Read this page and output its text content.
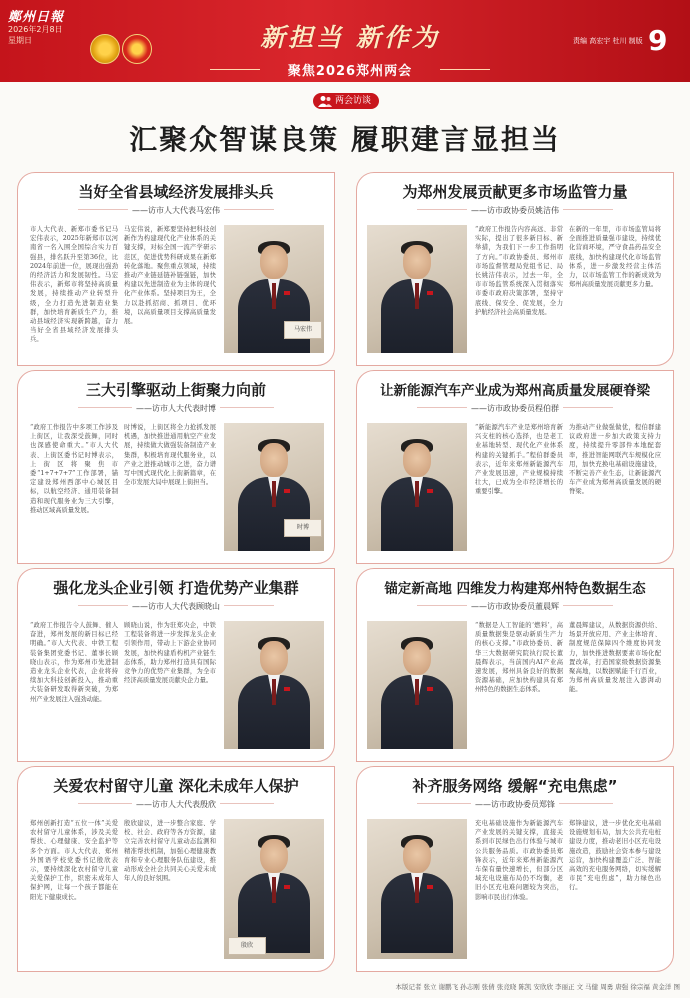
鄭州日報
2026年2月8日
星期日	新担当 新作为
聚焦2026郑州两会
责编 高宏宇 杜川 制版 9
两会访谈
汇聚众智谋良策 履职建言显担当
当好全省县域经济发展排头兵
——访市人大代表马宏伟
市人大代表、新郑市委书记马宏伟表示，2025年新郑市以河南省一名入围全国综合实力百强县，排名跃升至第36位，比2024年前进一位，展现出强劲的经济活力和发展韧性。马宏伟表示，新郑市将坚持高质量发展，持续推动产业转型升级，全力打造先进制造业集群，加快培育新质生产力，推动县域经济实现新跨越，奋力当好全省县域经济发展排头兵。
马宏伟说，新郑要坚持把科技创新作为构建现代化产业体系的关键支撑，对标全国一流产学研示范区，促进优势科研成果在新郑转化落地。聚焦重点领域，持续推动产业链延链补链强链，加快构建以先进制造业为主体的现代化产业体系。坚持项目为王，全力以赴抓招商、抓项目、优环境，以高质量项目支撑高质量发展。
马宏伟
为郑州发展贡献更多市场监管力量
——访市政协委员姚洁伟
“政府工作报告内容高远、非常实际，提出了很多新目标、新举措，为我们下一步工作指明了方向。”市政协委员、郑州市市场监督管理局党组书记、局长姚洁伟表示，过去一年，全市市场监管系统深入贯彻落实市委市政府决策部署，坚持守底线、保安全、促发展，全力护航经济社会高质量发展。
在新的一年里，市市场监管局将全面推进质量强市建设，持续优化营商环境，严守食品药品安全底线，加快构建现代化市场监管体系，进一步激发经营主体活力，以市场监管工作的新成效为郑州高质量发展贡献更多力量。
三大引擎驱动上街聚力向前
——访市人大代表时博
“政府工作报告中多项工作涉及上街区，让我深受鼓舞，同时也深感使命重大。”市人大代表、上街区委书记时博表示，上街区将聚焦市委“1+7+7+7”工作部署，锚定建设郑州西部中心城区目标，以航空经济、通用装备制造和现代服务业为三大引擎，推动区域高质量发展。
时博说，上街区将全力抢抓发展机遇，加快推进通用航空产业发展，持续做大做强装备制造产业集群，积极培育现代服务业，以产业之进推动城市之进，奋力谱写中国式现代化上街新篇章，在全市发展大局中展现上街担当。
时博
让新能源汽车产业成为郑州高质量发展硬脊梁
——访市政协委员程伯群
“新能源汽车产业是郑州培育新兴支柱的核心选择，也是老工业基地转型、现代化产业体系构建的关键抓手。”程伯群委员表示，近年来郑州新能源汽车产业发展迅速，产业规模持续壮大，已成为全市经济增长的重要引擎。
为推动产业做强做优，程伯群建议政府进一步加大政策支持力度，持续提升零部件本地配套率，推进智能网联汽车规模化应用，加快充换电基础设施建设，不断完善产业生态，让新能源汽车产业成为郑州高质量发展的硬脊梁。
强化龙头企业引领 打造优势产业集群
——访市人大代表顾晓山
“政府工作报告令人鼓舞、催人奋进，郑州发展的新目标已经明确。”市人大代表、中铁工程装备集团党委书记、董事长顾晓山表示，作为郑州市先进制造业龙头企业代表，企业将持续加大科技创新投入，推动重大装备研发取得新突破，为郑州产业发展注入强劲动能。
顾晓山说，作为驻郑央企，中铁工程装备将进一步发挥龙头企业引领作用，带动上下游企业协同发展，加快构建盾构机产业链生态体系，助力郑州打造具有国际竞争力的优势产业集群，为全市经济高质量发展贡献央企力量。
锚定新高地 四维发力构建郑州特色数据生态
——访市政协委员董晨辉
“数据是人工智能的‘燃料’，高质量数据集是驱动新质生产力的核心支撑。”市政协委员、新华三大数据研究院执行院长董晨辉表示，当前国内AI产业高速发展，郑州具备良好的数据资源基础，应加快构建具有郑州特色的数据生态体系。
董晨辉建议，从数据资源供给、场景开放应用、产业主体培育、制度规范保障四个维度协同发力，加快推进数据要素市场化配置改革，打造国家级数据资源集聚高地，以数据赋能千行百业，为郑州高质量发展注入澎湃动能。
关爱农村留守儿童 深化未成年人保护
——访市人大代表殷欣
郑州创新打造“五位一体”关爱农村留守儿童体系，涉及关爱帮扶、心理健康、安全监护等多个方面。市人大代表、郑州外国语学校党委书记殷欣表示，要持续深化农村留守儿童关爱保护工作，织密未成年人保护网，让每一个孩子都能在阳光下健康成长。
殷欣建议，进一步整合家庭、学校、社会、政府等各方资源，建立完善农村留守儿童动态监测和精准帮扶机制，加强心理健康教育和专业心理服务队伍建设，推动形成全社会共同关心关爱未成年人的良好氛围。
殷欣
补齐服务网络 缓解“充电焦虑”
——访市政协委员郑锋
充电基础设施作为新能源汽车产业发展的关键支撑，直接关系到市民绿色出行体验与城市公共服务品质。市政协委员郑锋表示，近年来郑州新能源汽车保有量快速增长，但部分区域充电设施布局仍不均衡，老旧小区充电难问题较为突出，影响市民出行体验。
郑锋建议，进一步优化充电基础设施规划布局，加大公共充电桩建设力度，推动老旧小区充电设施改造，鼓励社会资本参与建设运营，加快构建覆盖广泛、智能高效的充电服务网络，切实缓解市民“充电焦虑”，助力绿色出行。
本版记者 张立 谢鹏飞 孙志刚 张倩 张竞晓 陈凯 安欣欣 李丽正 文 马健 周勇 唐强 徐宗福 黄金洋 图
